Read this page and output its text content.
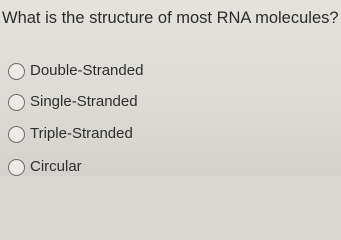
What is the structure of most RNA molecules?

Double-Stranded
Single-Stranded
Triple-Stranded
Circular
